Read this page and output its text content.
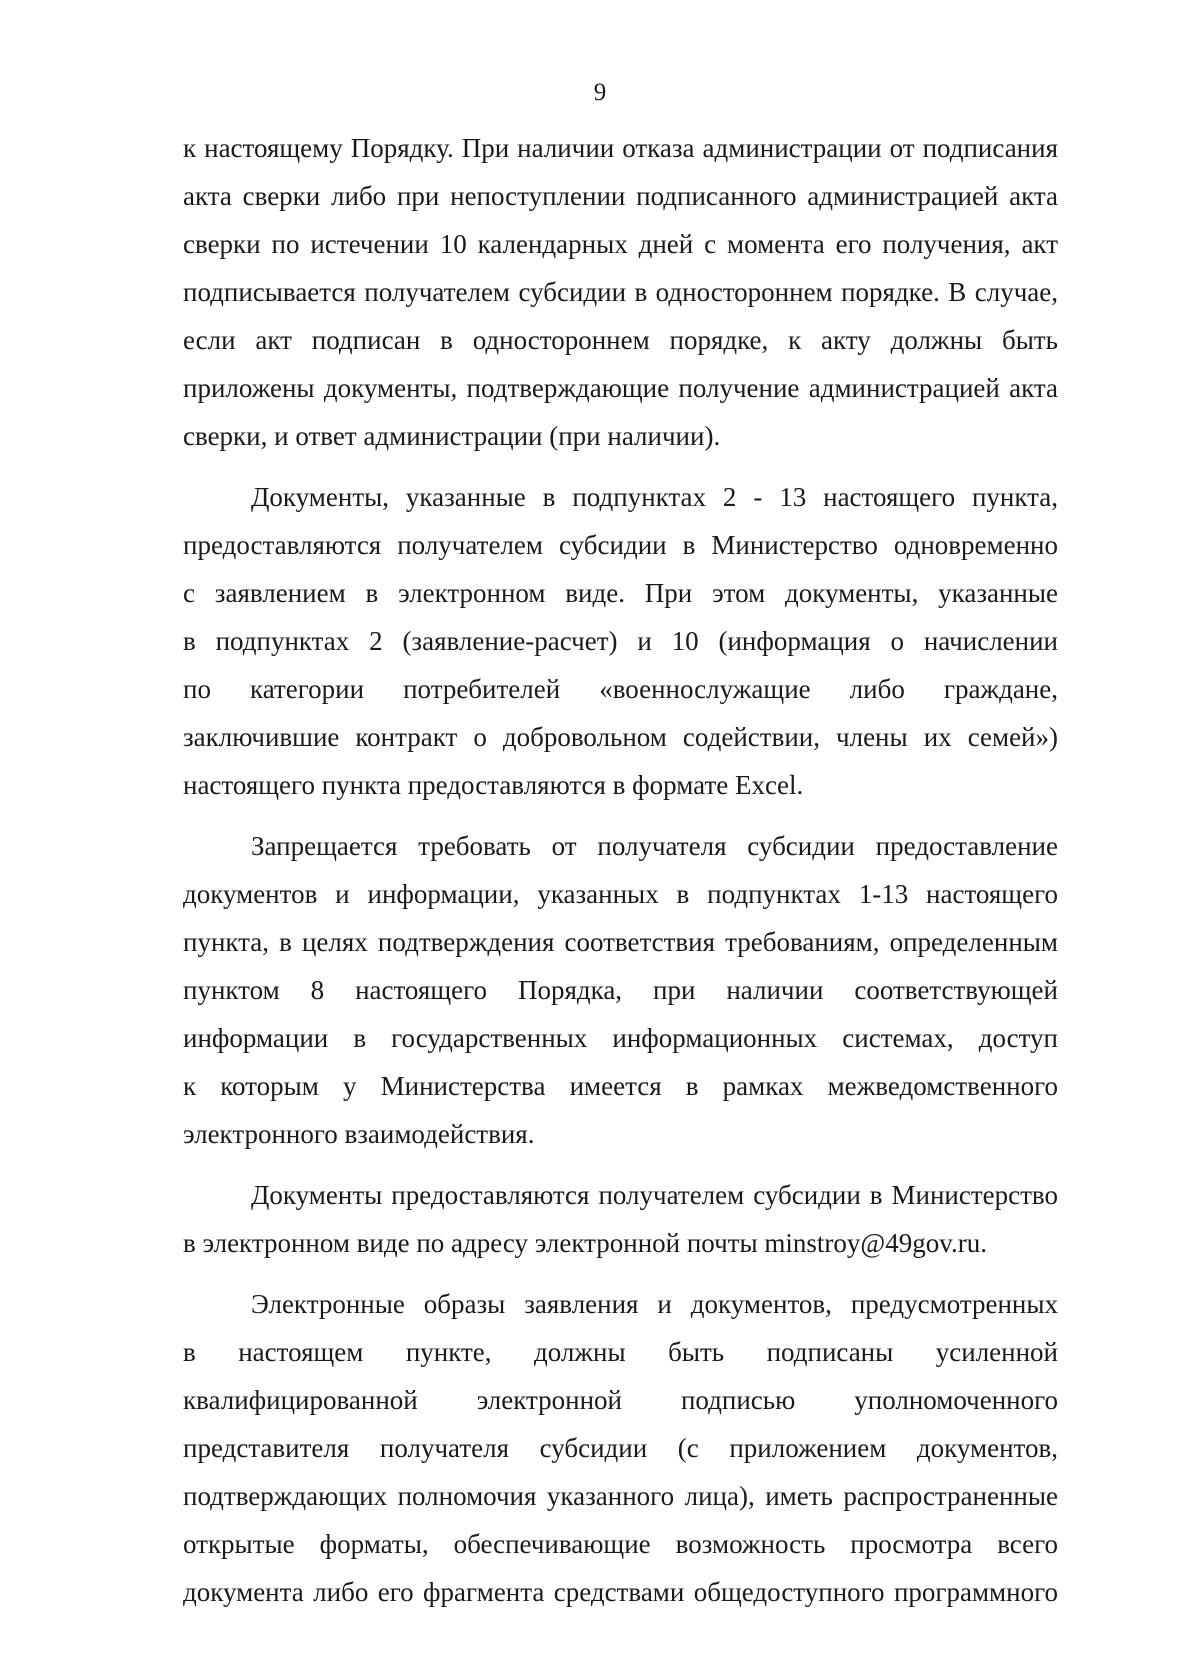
9
к настоящему Порядку. При наличии отказа администрации от подписания
акта сверки либо при непоступлении подписанного администрацией акта
сверки по истечении 10 календарных дней с момента его получения, акт
подписывается получателем субсидии в одностороннем порядке. В случае,
если акт подписан в одностороннем порядке, к акту должны быть
приложены документы, подтверждающие получение администрацией акта
сверки, и ответ администрации (при наличии).
Документы, указанные в подпунктах 2 - 13 настоящего пункта,
предоставляются получателем субсидии в Министерство одновременно
с заявлением в электронном виде. При этом документы, указанные
в подпунктах 2 (заявление-расчет) и 10 (информация о начислении
по категории потребителей «военнослужащие либо граждане,
заключившие контракт о добровольном содействии, члены их семей»)
настоящего пункта предоставляются в формате Excel.
Запрещается требовать от получателя субсидии предоставление
документов и информации, указанных в подпунктах 1-13 настоящего
пункта, в целях подтверждения соответствия требованиям, определенным
пунктом 8 настоящего Порядка, при наличии соответствующей
информации в государственных информационных системах, доступ
к которым у Министерства имеется в рамках межведомственного
электронного взаимодействия.
Документы предоставляются получателем субсидии в Министерство
в электронном виде по адресу электронной почты minstroy@49gov.ru.
Электронные образы заявления и документов, предусмотренных
в настоящем пункте, должны быть подписаны усиленной
квалифицированной электронной подписью уполномоченного
представителя получателя субсидии (с приложением документов,
подтверждающих полномочия указанного лица), иметь распространенные
открытые форматы, обеспечивающие возможность просмотра всего
документа либо его фрагмента средствами общедоступного программного
